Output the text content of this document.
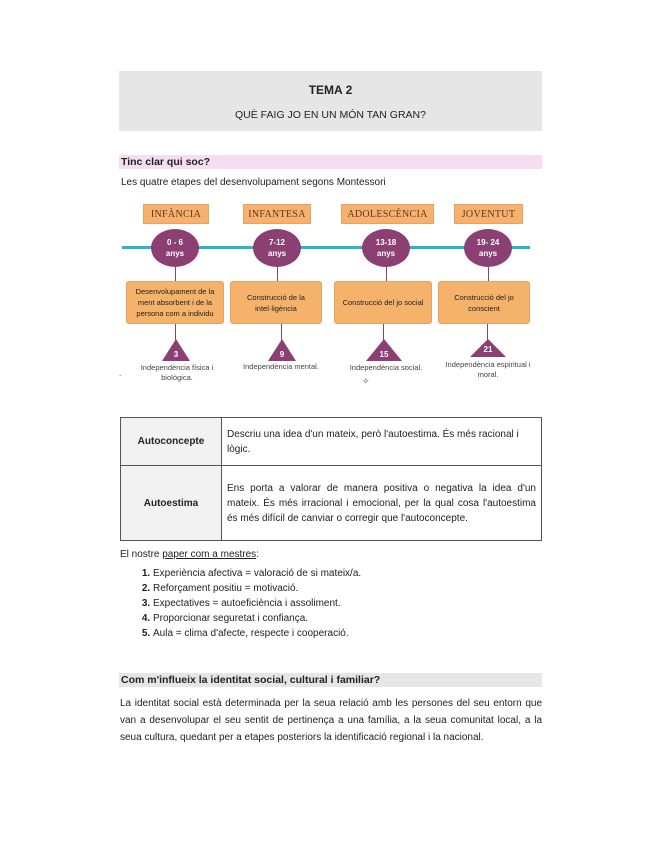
TEMA 2
QUÈ FAIG JO EN UN MÓN TAN GRAN?
Tinc clar qui soc?
Les quatre etapes del desenvolupament segons Montessori
INFÀNCIA	INFANTESA	ADOLESCÈNCIA	JOVENTUT
0 - 6
anys
7-12
anys
13-18
anys
19- 24
anys
Desenvolupament de la ment absorbent i de la persona com a individu
Construcció de la intel·ligència
Construcció del jo social
Construcció del jo conscient
3	9	15
21
Independència física i biològica.
Independència mental.	Independència social.	Independència espiritual i moral.
✧
.
Autoconcepte	Descriu una idea d'un mateix, però l'autoestima. És més racional i lògic.
Autoestima	Ens porta a valorar de manera positiva o negativa la idea d'un mateix. És més irracional i emocional, per la qual cosa l'autoestima és més difícil de canviar o corregir que l'autoconcepte.
El nostre paper com a mestres:
1. Experiència afectiva = valoració de si mateix/a.
2. Reforçament positiu = motivació.
3. Expectatives = autoeficiència i assoliment.
4. Proporcionar seguretat i confiança.
5. Aula = clima d'afecte, respecte i cooperació.
Com m'influeix la identitat social, cultural i familiar?
La identitat social està determinada per la seua relació amb les persones del seu entorn que van a desenvolupar el seu sentit de pertinença a una família, a la seua comunitat local, a la seua cultura, quedant per a etapes posteriors la identificació regional i la nacional.
